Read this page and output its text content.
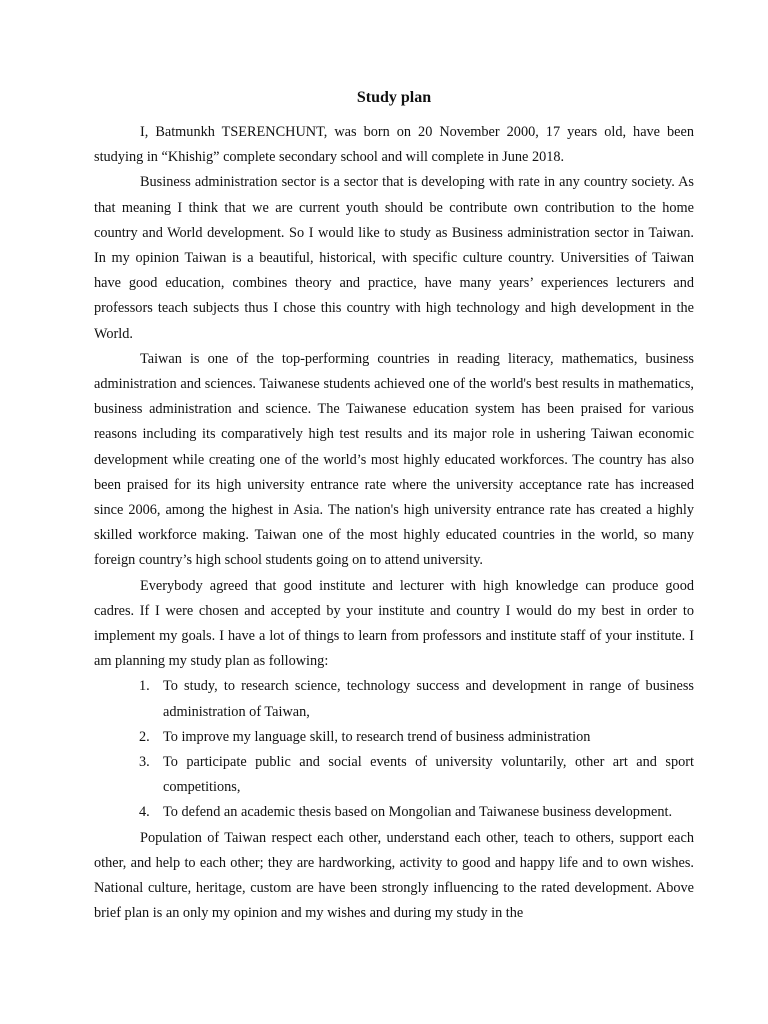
Study plan

I, Batmunkh TSERENCHUNT, was born on 20 November 2000, 17 years old, have been studying in “Khishig” complete secondary school and will complete in June 2018.

Business administration sector is a sector that is developing with rate in any country society. As that meaning I think that we are current youth should be contribute own contribution to the home country and World development. So I would like to study as Business administration sector in Taiwan. In my opinion Taiwan is a beautiful, historical, with specific culture country. Universities of Taiwan have good education, combines theory and practice, have many years’ experiences lecturers and professors teach subjects thus I chose this country with high technology and high development in the World.

Taiwan is one of the top-performing countries in reading literacy, mathematics, business administration and sciences. Taiwanese students achieved one of the world's best results in mathematics, business administration and science. The Taiwanese education system has been praised for various reasons including its comparatively high test results and its major role in ushering Taiwan economic development while creating one of the world’s most highly educated workforces. The country has also been praised for its high university entrance rate where the university acceptance rate has increased since 2006, among the highest in Asia. The nation's high university entrance rate has created a highly skilled workforce making. Taiwan one of the most highly educated countries in the world, so many foreign country’s high school students going on to attend university.

Everybody agreed that good institute and lecturer with high knowledge can produce good cadres. If I were chosen and accepted by your institute and country I would do my best in order to implement my goals. I have a lot of things to learn from professors and institute staff of your institute. I am planning my study plan as following:

1. To study, to research science, technology success and development in range of business administration of Taiwan,
2. To improve my language skill, to research trend of business administration
3. To participate public and social events of university voluntarily, other art and sport competitions,
4. To defend an academic thesis based on Mongolian and Taiwanese business development.

Population of Taiwan respect each other, understand each other, teach to others, support each other, and help to each other; they are hardworking, activity to good and happy life and to own wishes. National culture, heritage, custom are have been strongly influencing to the rated development. Above brief plan is an only my opinion and my wishes and during my study in the
